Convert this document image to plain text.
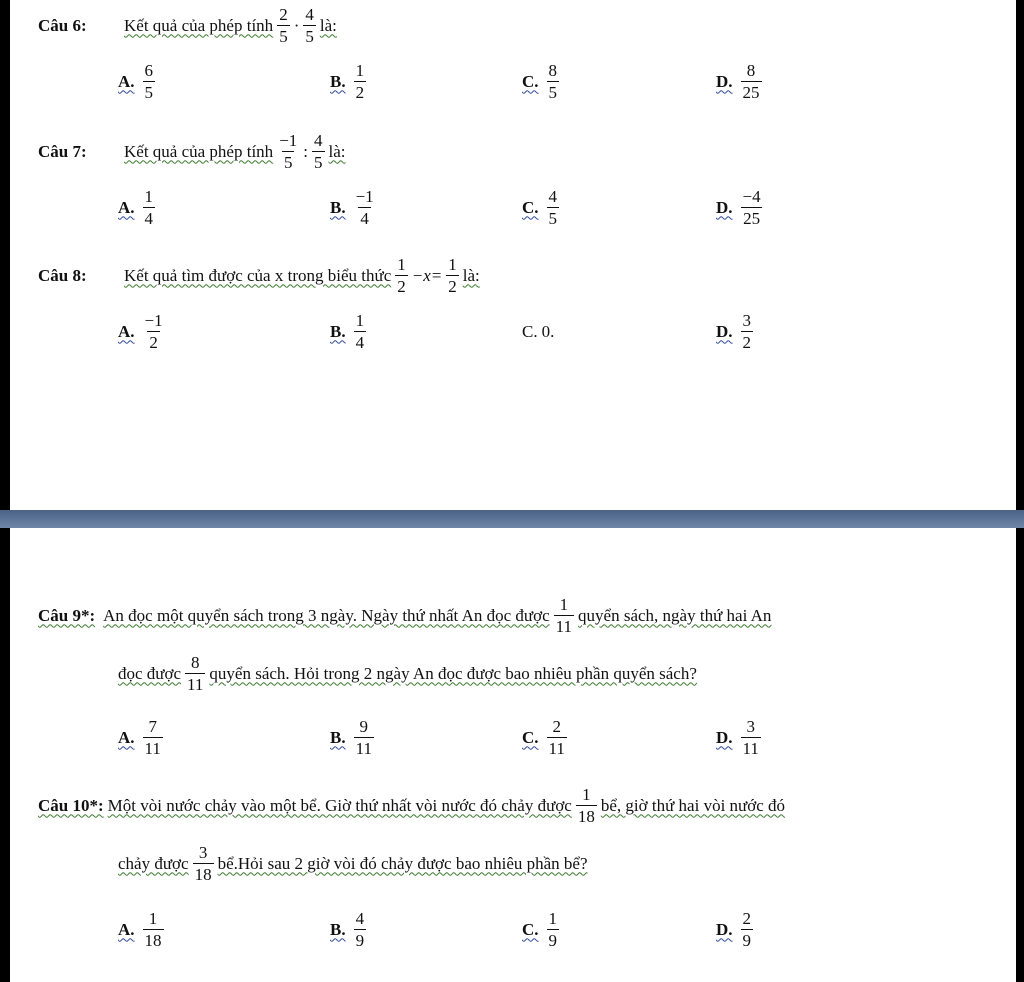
Câu 6:	Kết quả của phép tính $\frac{2}{5} \cdot \frac{4}{5}$ là:
A. $\frac{6}{5}$	B. $\frac{1}{2}$	C. $\frac{8}{5}$	D. $\frac{8}{25}$
Câu 7:	Kết quả của phép tính $\frac{-1}{5}$ : $\frac{4}{5}$ là:
A. $\frac{1}{4}$	B. $\frac{-1}{4}$	C. $\frac{4}{5}$	D. $\frac{-4}{25}$
Câu 8:	Kết quả tìm được của x trong biểu thức $\frac{1}{2} -x= \frac{1}{2}$ là:
A. $\frac{-1}{2}$	B. $\frac{1}{4}$	C. 0.	D. $\frac{3}{2}$
Câu 9*: An đọc một quyển sách trong 3 ngày. Ngày thứ nhất An đọc được $\frac{1}{11}$ quyển sách, ngày thứ hai An
đọc được $\frac{8}{11}$ quyển sách. Hỏi trong 2 ngày An đọc được bao nhiêu phần quyển sách?
A. $\frac{7}{11}$	B. $\frac{9}{11}$	C. $\frac{2}{11}$	D. $\frac{3}{11}$
Câu 10*: Một vòi nước chảy vào một bể. Giờ thứ nhất vòi nước đó chảy được $\frac{1}{18}$ bể, giờ thứ hai vòi nước đó
chảy được $\frac{3}{18}$ bể.Hỏi sau 2 giờ vòi đó chảy được bao nhiêu phần bể?
A. $\frac{1}{18}$	B. $\frac{4}{9}$	C. $\frac{1}{9}$	D. $\frac{2}{9}$
